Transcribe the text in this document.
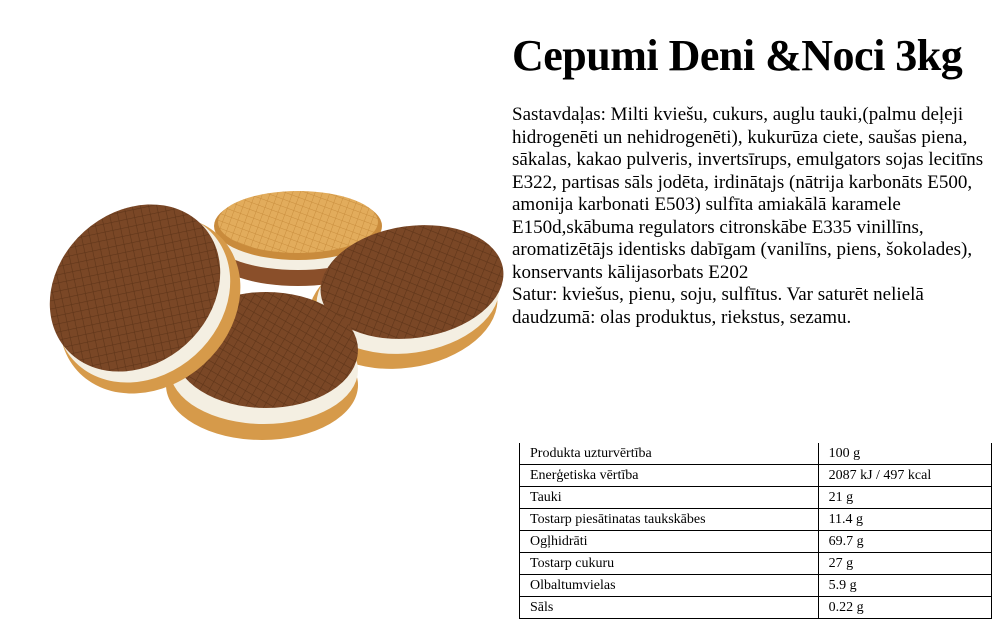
Cepumi Deni &Noci 3kg

Sastavdaļas: Milti kviešu, cukurs, auglu tauki,(palmu deļeji hidrogenēti un nehidrogenēti), kukurūza ciete, saušas piena, sākalas, kakao pulveris, invertsīrups, emulgators sojas lecitīns E322, partisas sāls jodēta, irdinātajs (nātrija karbonāts E500, amonija karbonati E503) sulfīta amiakālā karamele E150d,skābuma regulators citronskābe E335 vinillīns, aromatizētājs identisks dabīgam (vanilīns, piens, šokolades), konservants kālijasorbats E202

Satur: kviešus, pienu, soju, sulfītus. Var saturēt nelielā daudzumā: olas produktus, riekstus, sezamu.

Produkta uzturvērtība	100 g
Enerģetiska vērtība	2087 kJ / 497 kcal
Tauki	21 g
Tostarp piesātinatas taukskābes	11.4 g
Ogļhidrāti	69.7 g
Tostarp cukuru	27 g
Olbaltumvielas	5.9 g
Sāls	0.22 g
